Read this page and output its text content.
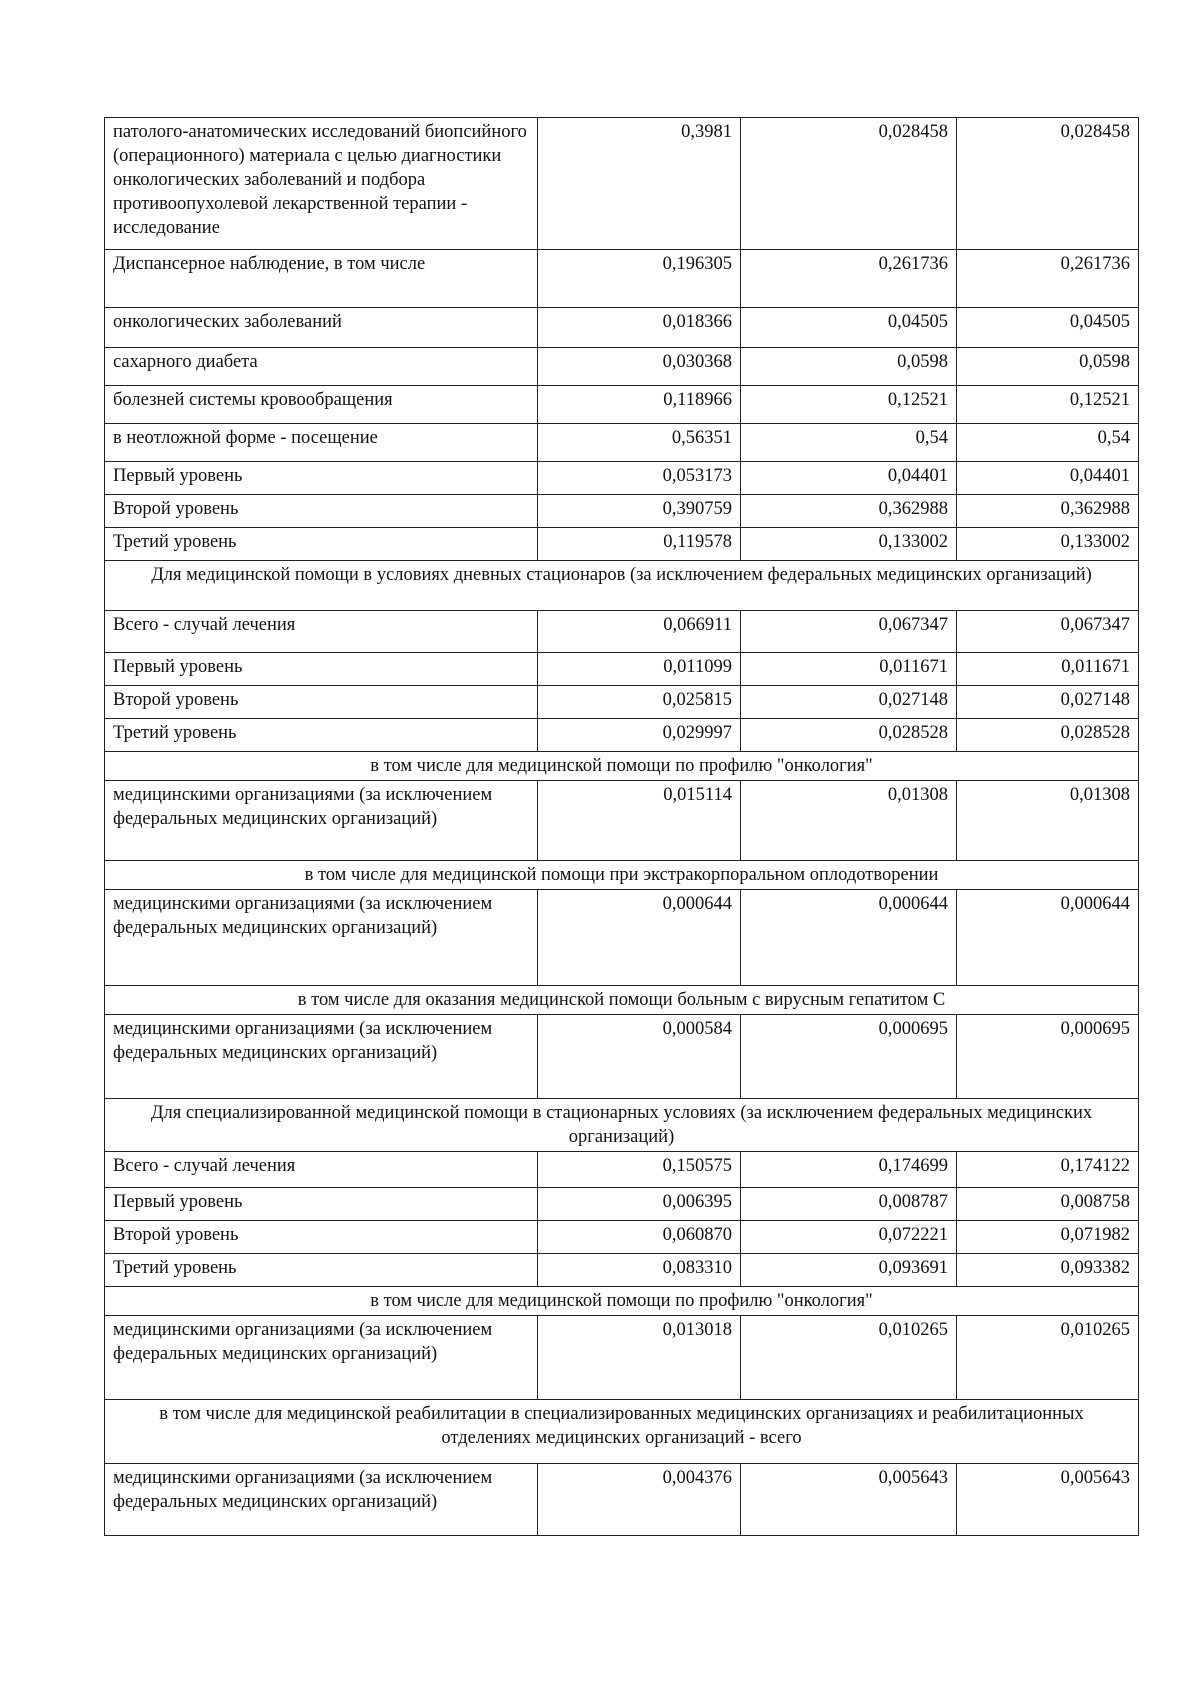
патолого-анатомических исследований биопсийного (операционного) материала с целью диагностики онкологических заболеваний и подбора противоопухолевой лекарственной терапии - исследование	0,3981	0,028458	0,028458
Диспансерное наблюдение, в том числе	0,196305	0,261736	0,261736
онкологических заболеваний	0,018366	0,04505	0,04505
сахарного диабета	0,030368	0,0598	0,0598
болезней системы кровообращения	0,118966	0,12521	0,12521
в неотложной форме - посещение	0,56351	0,54	0,54
Первый уровень	0,053173	0,04401	0,04401
Второй уровень	0,390759	0,362988	0,362988
Третий уровень	0,119578	0,133002	0,133002
Для медицинской помощи в условиях дневных стационаров (за исключением федеральных медицинских организаций)			
Всего - случай лечения	0,066911	0,067347	0,067347
Первый уровень	0,011099	0,011671	0,011671
Второй уровень	0,025815	0,027148	0,027148
Третий уровень	0,029997	0,028528	0,028528
в том числе для медицинской помощи по профилю "онкология"			
медицинскими организациями (за исключением федеральных медицинских организаций)	0,015114	0,01308	0,01308
в том числе для медицинской помощи при экстракорпоральном оплодотворении			
медицинскими организациями (за исключением федеральных медицинских организаций)	0,000644	0,000644	0,000644
в том числе для оказания медицинской помощи больным с вирусным гепатитом С			
медицинскими организациями (за исключением федеральных медицинских организаций)	0,000584	0,000695	0,000695
Для специализированной медицинской помощи в стационарных условиях (за исключением федеральных медицинских организаций)			
Всего - случай лечения	0,150575	0,174699	0,174122
Первый уровень	0,006395	0,008787	0,008758
Второй уровень	0,060870	0,072221	0,071982
Третий уровень	0,083310	0,093691	0,093382
в том числе для медицинской помощи по профилю "онкология"			
медицинскими организациями (за исключением федеральных медицинских организаций)	0,013018	0,010265	0,010265
в том числе для медицинской реабилитации в специализированных медицинских организациях и реабилитационных отделениях медицинских организаций - всего			
медицинскими организациями (за исключением федеральных медицинских организаций)	0,004376	0,005643	0,005643
